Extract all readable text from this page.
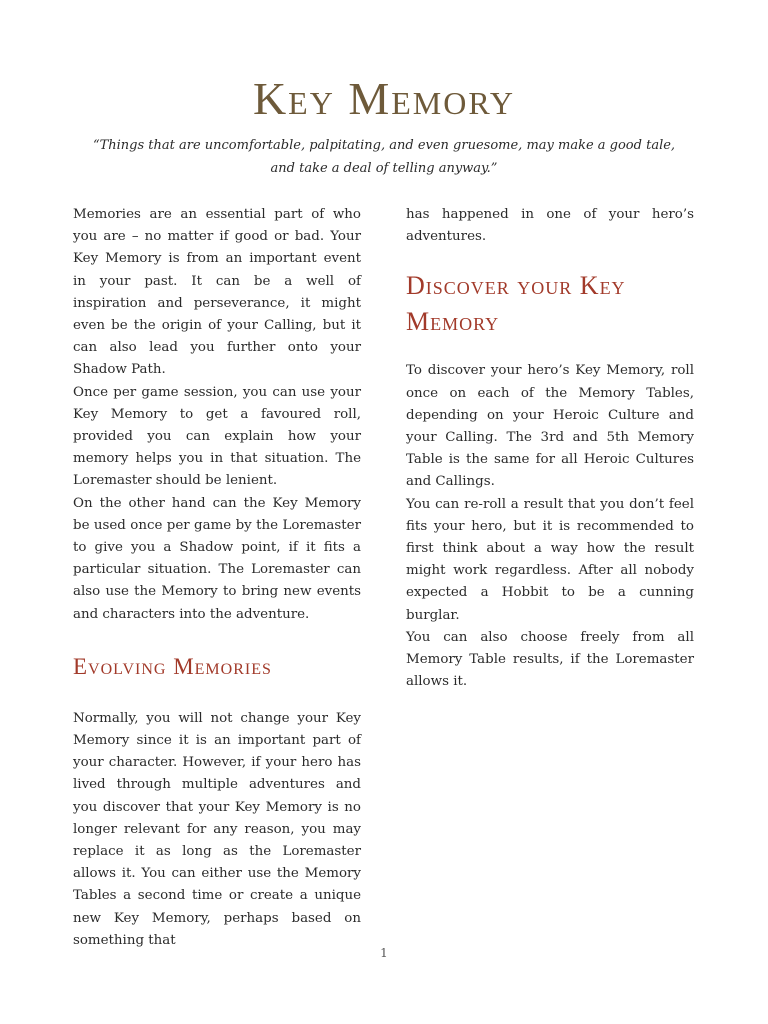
Key Memory
“Things that are uncomfortable, palpitating, and even gruesome, may make a good tale, and take a deal of telling anyway.”

Memories are an essential part of who you are – no matter if good or bad. Your Key Memory is from an important event in your past. It can be a well of inspiration and perseverance, it might even be the origin of your Calling, but it can also lead you further onto your Shadow Path.

Once per game session, you can use your Key Memory to get a favoured roll, provided you can explain how your memory helps you in that situation. The Loremaster should be lenient.

On the other hand can the Key Memory be used once per game by the Loremaster to give you a Shadow point, if it fits a particular situation. The Loremaster can also use the Memory to bring new events and characters into the adventure.

Evolving Memories

Normally, you will not change your Key Memory since it is an important part of your character. However, if your hero has lived through multiple adventures and you discover that your Key Memory is no longer relevant for any reason, you may replace it as long as the Loremaster allows it. You can either use the Memory Tables a second time or create a unique new Key Memory, perhaps based on something that

has happened in one of your hero’s adventures.

Discover your Key Memory

To discover your hero’s Key Memory, roll once on each of the Memory Tables, depending on your Heroic Culture and your Calling. The 3rd and 5th Memory Table is the same for all Heroic Cultures and Callings.

You can re-roll a result that you don’t feel fits your hero, but it is recommended to first think about a way how the result might work regardless. After all nobody expected a Hobbit to be a cunning burglar.

You can also choose freely from all Memory Table results, if the Loremaster allows it.

1
